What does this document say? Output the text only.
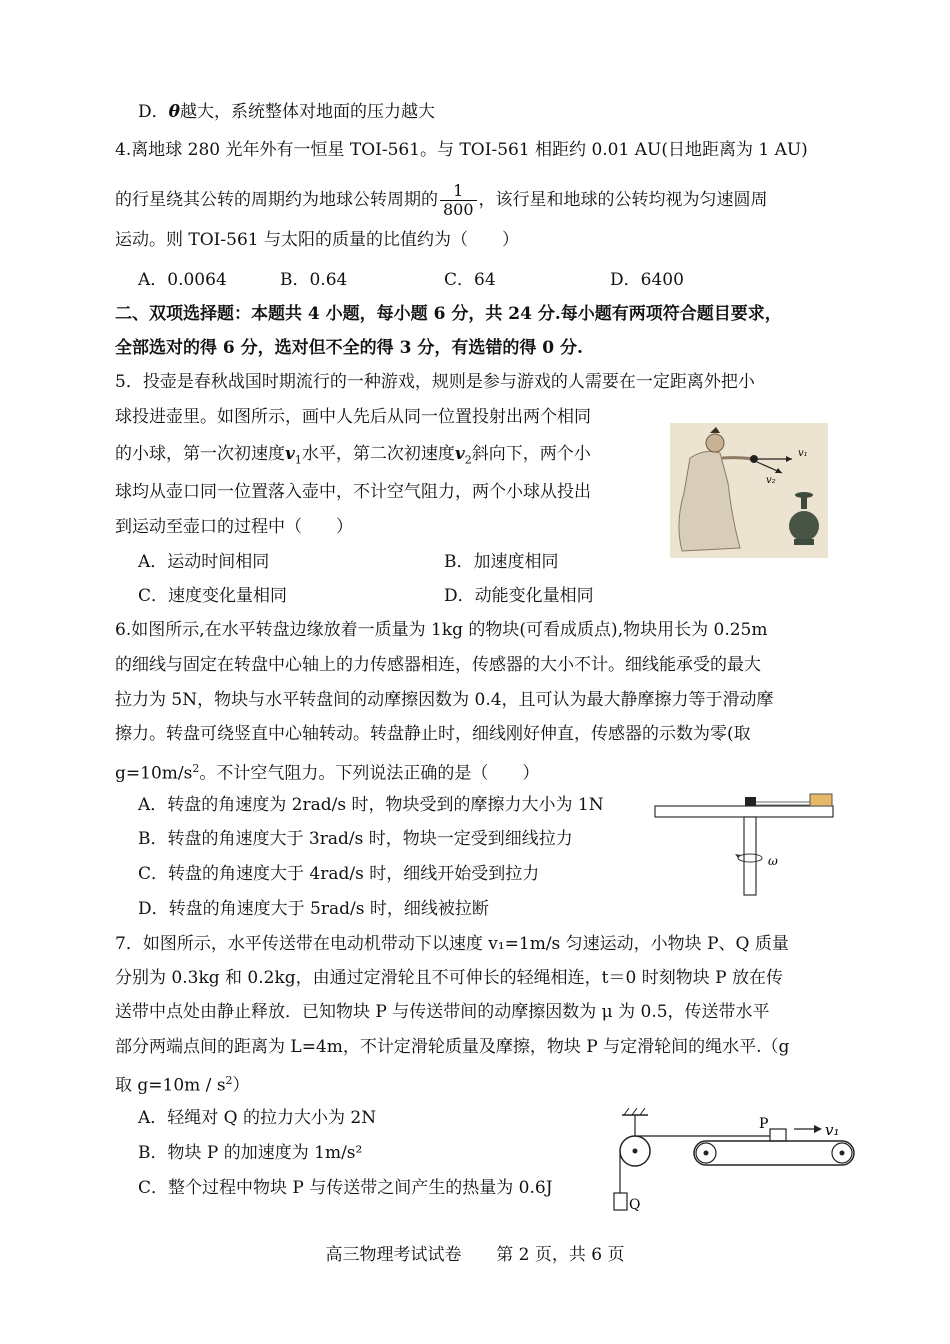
D．θ越大，系统整体对地面的压力越大
4.离地球 280 光年外有一恒星 TOI-561。与 TOI-561 相距约 0.01 AU(日地距离为 1 AU)
的行星绕其公转的周期约为地球公转周期的 $\frac{1}{800}$ ，该行星和地球的公转均视为匀速圆周
运动。则 TOI-561 与太阳的质量的比值约为（　　）
A．0.0064	B．0.64	C．64	D．6400
二、双项选择题：本题共 4 小题，每小题 6 分，共 24 分.每小题有两项符合题目要求，
全部选对的得 6 分，选对但不全的得 3 分，有选错的得 0 分.
5．投壶是春秋战国时期流行的一种游戏，规则是参与游戏的人需要在一定距离外把小
球投进壶里。如图所示，画中人先后从同一位置投射出两个相同
的小球，第一次初速度$v_1$水平，第二次初速度$v_2$斜向下，两个小
球均从壶口同一位置落入壶中，不计空气阻力，两个小球从投出
到运动至壶口的过程中（　　）
A．运动时间相同	B．加速度相同
C．速度变化量相同	D．动能变化量相同
v₁
v₂
6.如图所示,在水平转盘边缘放着一质量为 1kg 的物块(可看成质点),物块用长为 0.25m
的细线与固定在转盘中心轴上的力传感器相连，传感器的大小不计。细线能承受的最大
拉力为 5N，物块与水平转盘间的动摩擦因数为 0.4，且可认为最大静摩擦力等于滑动摩
擦力。转盘可绕竖直中心轴转动。转盘静止时，细线刚好伸直，传感器的示数为零(取
$g=10m/s^2$。不计空气阻力。下列说法正确的是（　　）
A．转盘的角速度为 2rad/s 时，物块受到的摩擦力大小为 1N
B．转盘的角速度大于 3rad/s 时，物块一定受到细线拉力
C．转盘的角速度大于 4rad/s 时，细线开始受到拉力
D．转盘的角速度大于 5rad/s 时，细线被拉断
ω
7．如图所示，水平传送带在电动机带动下以速度 v₁=1m/s 匀速运动，小物块 P、Q 质量
分别为 0.3kg 和 0.2kg，由通过定滑轮且不可伸长的轻绳相连，t＝0 时刻物块 P 放在传
送带中点处由静止释放．已知物块 P 与传送带间的动摩擦因数为 μ 为 0.5，传送带水平
部分两端点间的距离为 L=4m，不计定滑轮质量及摩擦，物块 P 与定滑轮间的绳水平.（g
取 $g=10m / s^2$）
A．轻绳对 Q 的拉力大小为 2N
B．物块 P 的加速度为 1m/s²
C．整个过程中物块 P 与传送带之间产生的热量为 0.6J
Q
P	v₁
高三物理考试试卷 第 2 页，共 6 页
